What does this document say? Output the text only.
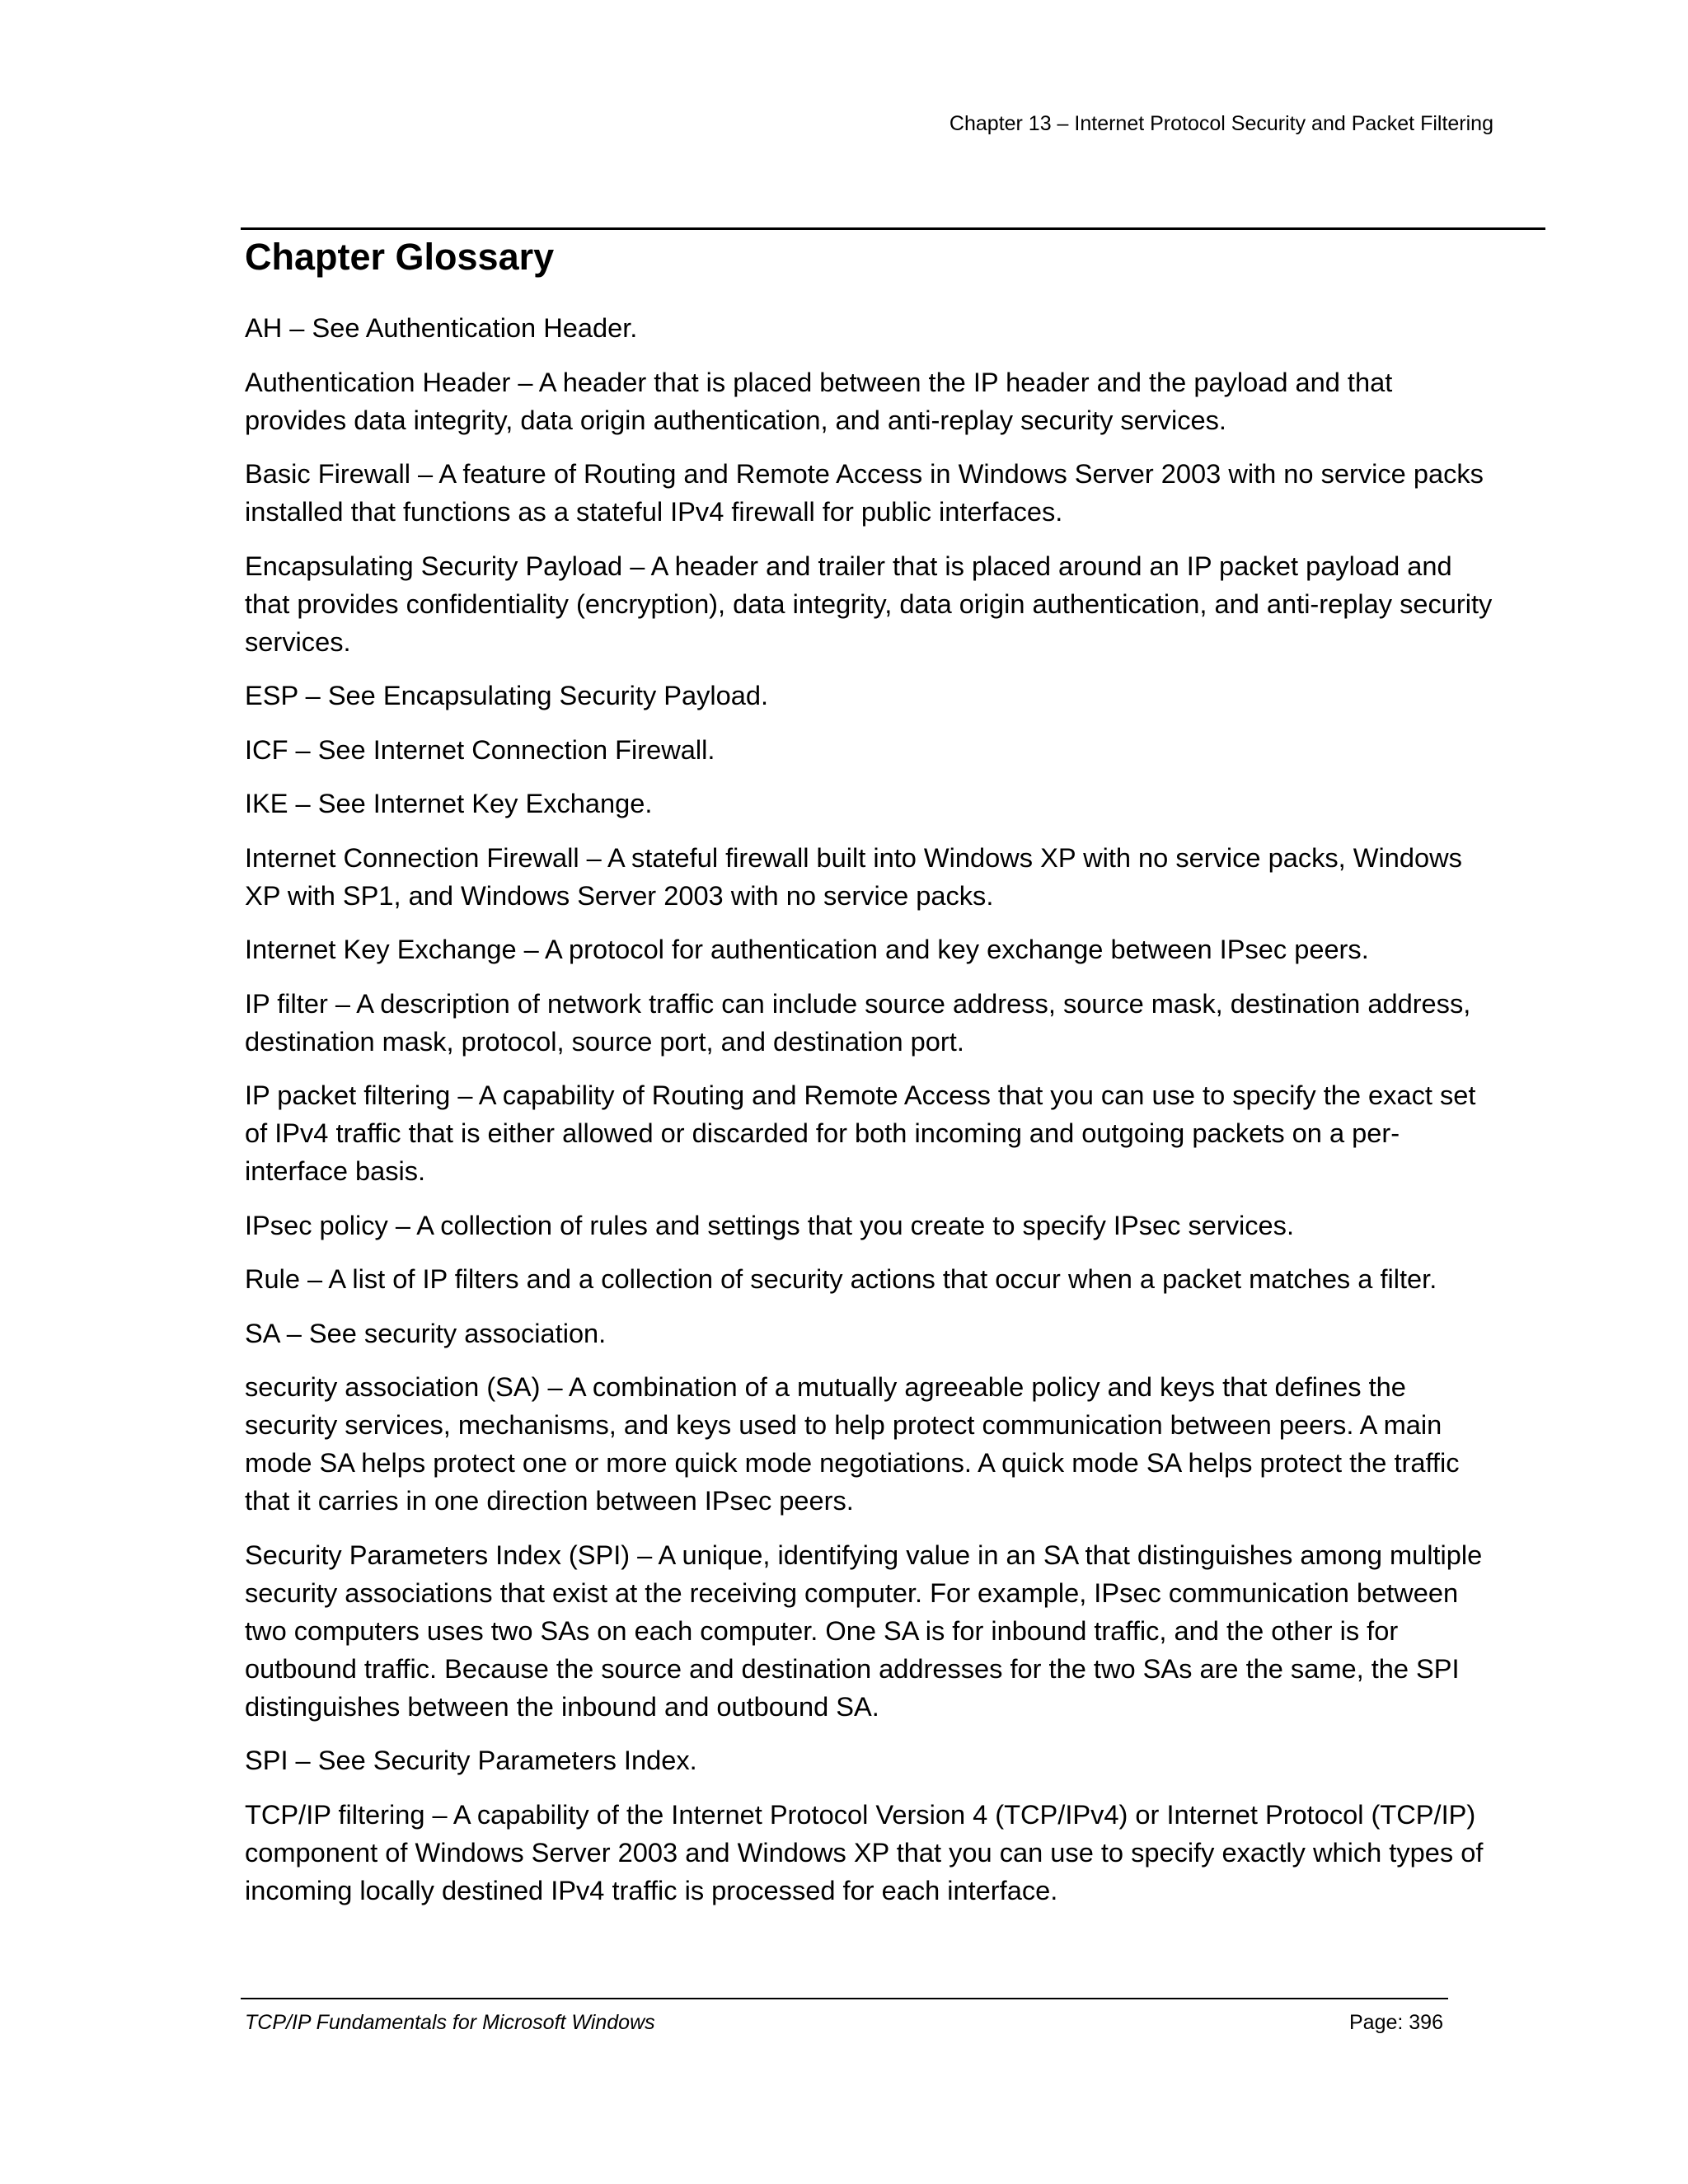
Chapter 13 – Internet Protocol Security and Packet Filtering
Chapter Glossary
AH – See Authentication Header.
Authentication Header – A header that is placed between the IP header and the payload and that provides data integrity, data origin authentication, and anti-replay security services.
Basic Firewall – A feature of Routing and Remote Access in Windows Server 2003 with no service packs installed that functions as a stateful IPv4 firewall for public interfaces.
Encapsulating Security Payload – A header and trailer that is placed around an IP packet payload and that provides confidentiality (encryption), data integrity, data origin authentication, and anti-replay security services.
ESP – See Encapsulating Security Payload.
ICF – See Internet Connection Firewall.
IKE – See Internet Key Exchange.
Internet Connection Firewall – A stateful firewall built into Windows XP with no service packs, Windows XP with SP1, and Windows Server 2003 with no service packs.
Internet Key Exchange – A protocol for authentication and key exchange between IPsec peers.
IP filter – A description of network traffic can include source address, source mask, destination address, destination mask, protocol, source port, and destination port.
IP packet filtering – A capability of Routing and Remote Access that you can use to specify the exact set of IPv4 traffic that is either allowed or discarded for both incoming and outgoing packets on a per-interface basis.
IPsec policy – A collection of rules and settings that you create to specify IPsec services.
Rule – A list of IP filters and a collection of security actions that occur when a packet matches a filter.
SA – See security association.
security association (SA) – A combination of a mutually agreeable policy and keys that defines the security services, mechanisms, and keys used to help protect communication between peers. A main mode SA helps protect one or more quick mode negotiations. A quick mode SA helps protect the traffic that it carries in one direction between IPsec peers.
Security Parameters Index (SPI) – A unique, identifying value in an SA that distinguishes among multiple security associations that exist at the receiving computer. For example, IPsec communication between two computers uses two SAs on each computer. One SA is for inbound traffic, and the other is for outbound traffic. Because the source and destination addresses for the two SAs are the same, the SPI distinguishes between the inbound and outbound SA.
SPI – See Security Parameters Index.
TCP/IP filtering – A capability of the Internet Protocol Version 4 (TCP/IPv4) or Internet Protocol (TCP/IP) component of Windows Server 2003 and Windows XP that you can use to specify exactly which types of incoming locally destined IPv4 traffic is processed for each interface.
TCP/IP Fundamentals for Microsoft Windows	Page: 396
